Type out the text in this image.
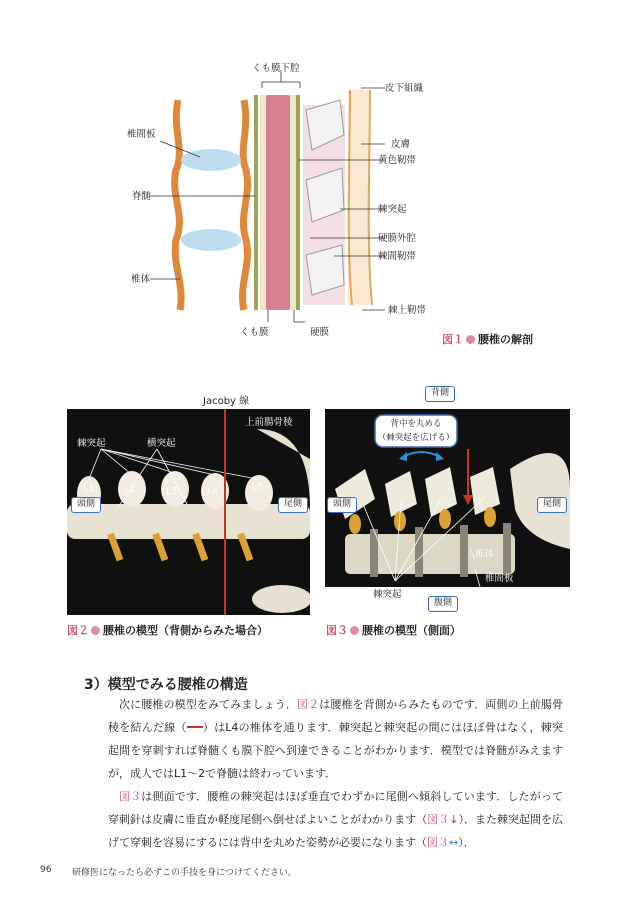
くも膜下腔
皮下組織
椎間板
皮膚
黄色靭帯
脊髄
棘突起
硬膜外腔
棘間靭帯
椎体
棘上靭帯
くも膜	硬膜
図１ 腰椎の解剖
Jacoby 線
棘突起	横突起
上前腸骨稜
L1	L2	L3	L4	L5
頭側	尾側
図２ 腰椎の模型（背側からみた場合）
背側
背中を丸める
（棘突起を広げる）
頭側	尾側
椎体
椎間板
棘突起
腹側
図３ 腰椎の模型（側面）
3）模型でみる腰椎の構造
次に腰椎の模型をみてみましょう．図２は腰椎を背側からみたものです．両側の上前腸骨稜を結んだ線（ ）はL4の椎体を通ります．棘突起と棘突起の間にはほぼ骨はなく，棘突起間を穿刺すれば脊髄くも膜下腔へ到達できることがわかります．模型では脊髄がみえますが，成人ではL1〜2で脊髄は終わっています．
図３は側面です．腰椎の棘突起はほぼ垂直でわずかに尾側へ傾斜しています．したがって穿刺針は皮膚に垂直か軽度尾側へ倒せばよいことがわかります（図３↓）．また棘突起間を広げて穿刺を容易にするには背中を丸めた姿勢が必要になります（図３↔）．
96 研修医になったら必ずこの手技を身につけてください。
